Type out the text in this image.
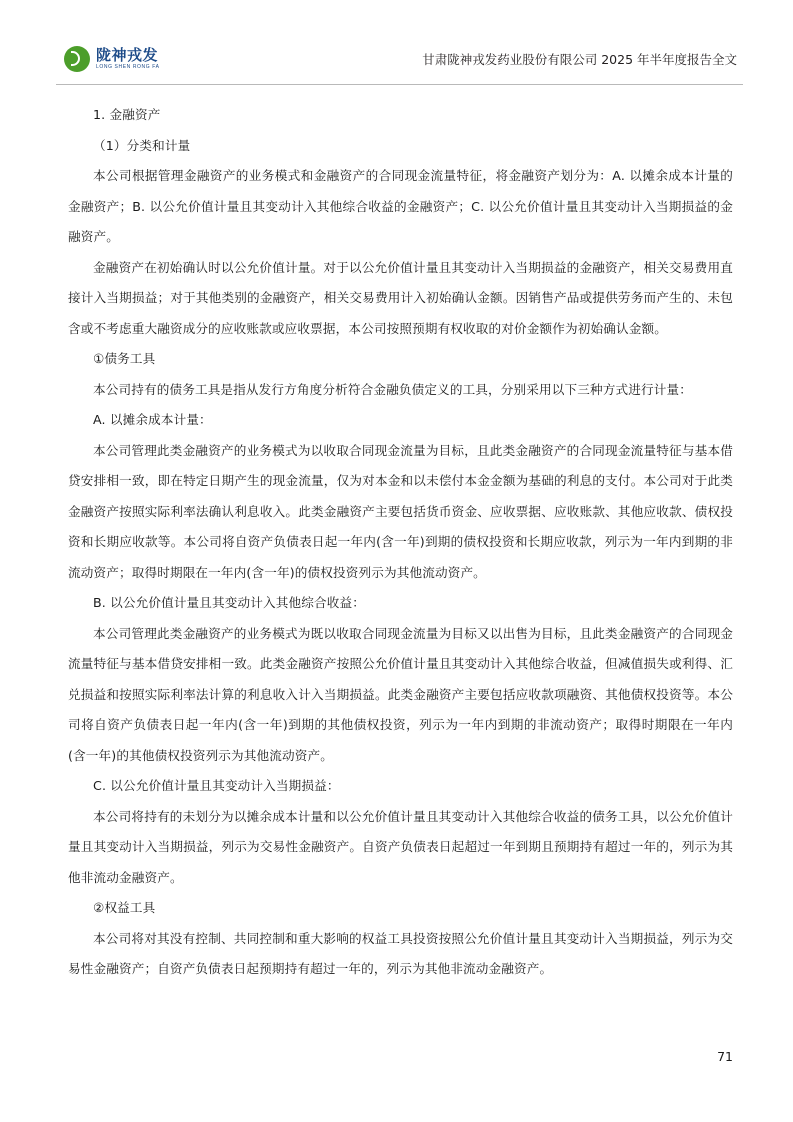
陇神戎发
LONG SHEN RONG FA	甘肃陇神戎发药业股份有限公司 2025 年半年度报告全文

1. 金融资产

（1）分类和计量

本公司根据管理金融资产的业务模式和金融资产的合同现金流量特征，将金融资产划分为：A. 以摊余成本计量的金融资产；B. 以公允价值计量且其变动计入其他综合收益的金融资产；C. 以公允价值计量且其变动计入当期损益的金融资产。

金融资产在初始确认时以公允价值计量。对于以公允价值计量且其变动计入当期损益的金融资产，相关交易费用直接计入当期损益；对于其他类别的金融资产，相关交易费用计入初始确认金额。因销售产品或提供劳务而产生的、未包含或不考虑重大融资成分的应收账款或应收票据，本公司按照预期有权收取的对价金额作为初始确认金额。

①债务工具

本公司持有的债务工具是指从发行方角度分析符合金融负债定义的工具，分别采用以下三种方式进行计量：

A. 以摊余成本计量：

本公司管理此类金融资产的业务模式为以收取合同现金流量为目标，且此类金融资产的合同现金流量特征与基本借贷安排相一致，即在特定日期产生的现金流量，仅为对本金和以未偿付本金金额为基础的利息的支付。本公司对于此类金融资产按照实际利率法确认利息收入。此类金融资产主要包括货币资金、应收票据、应收账款、其他应收款、债权投资和长期应收款等。本公司将自资产负债表日起一年内(含一年)到期的债权投资和长期应收款，列示为一年内到期的非流动资产；取得时期限在一年内(含一年)的债权投资列示为其他流动资产。

B. 以公允价值计量且其变动计入其他综合收益：

本公司管理此类金融资产的业务模式为既以收取合同现金流量为目标又以出售为目标，且此类金融资产的合同现金流量特征与基本借贷安排相一致。此类金融资产按照公允价值计量且其变动计入其他综合收益，但减值损失或利得、汇兑损益和按照实际利率法计算的利息收入计入当期损益。此类金融资产主要包括应收款项融资、其他债权投资等。本公司将自资产负债表日起一年内(含一年)到期的其他债权投资，列示为一年内到期的非流动资产；取得时期限在一年内(含一年)的其他债权投资列示为其他流动资产。

C. 以公允价值计量且其变动计入当期损益：

本公司将持有的未划分为以摊余成本计量和以公允价值计量且其变动计入其他综合收益的债务工具，以公允价值计量且其变动计入当期损益，列示为交易性金融资产。自资产负债表日起超过一年到期且预期持有超过一年的，列示为其他非流动金融资产。

②权益工具

本公司将对其没有控制、共同控制和重大影响的权益工具投资按照公允价值计量且其变动计入当期损益，列示为交易性金融资产；自资产负债表日起预期持有超过一年的，列示为其他非流动金融资产。

71
